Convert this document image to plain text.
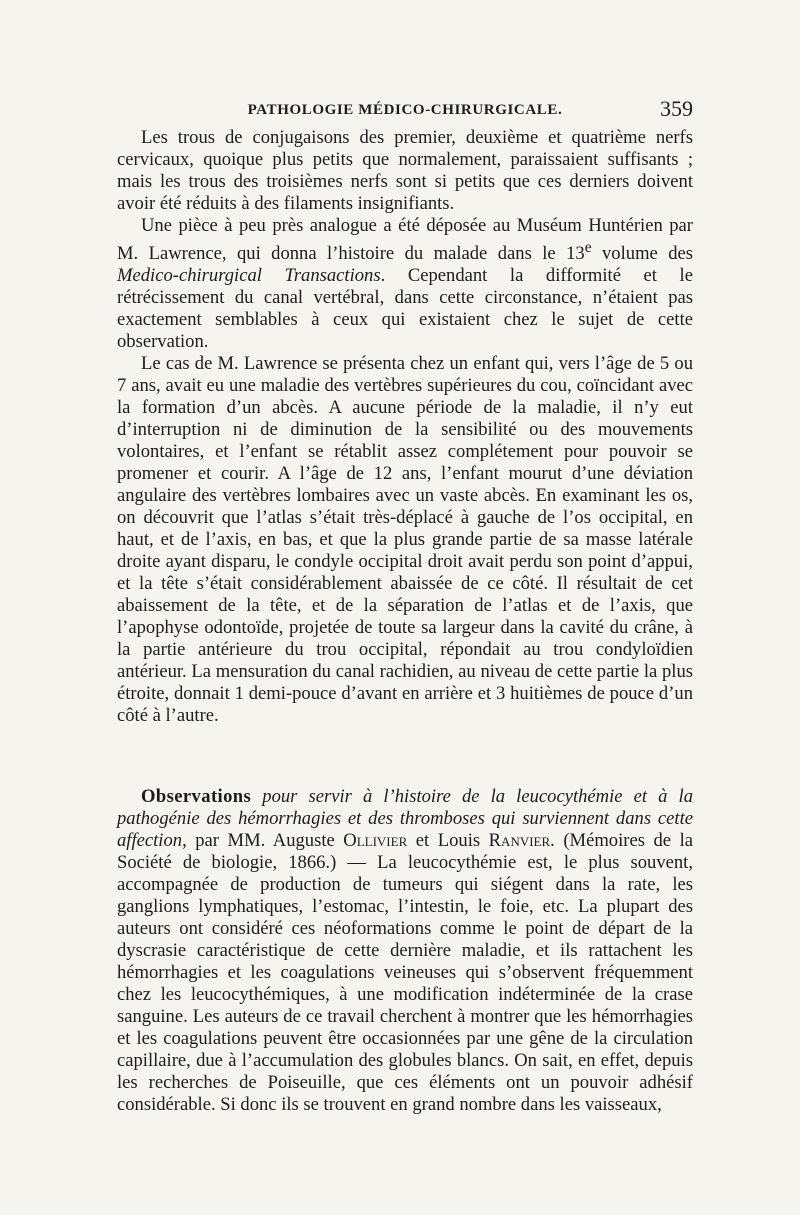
PATHOLOGIE MÉDICO-CHIRURGICALE.	359

Les trous de conjugaisons des premier, deuxième et quatrième nerfs cervicaux, quoique plus petits que normalement, paraissaient suffisants ; mais les trous des troisièmes nerfs sont si petits que ces derniers doivent avoir été réduits à des filaments insignifiants.

Une pièce à peu près analogue a été déposée au Muséum Huntérien par M. Lawrence, qui donna l’histoire du malade dans le 13e volume des Medico-chirurgical Transactions. Cependant la difformité et le rétrécissement du canal vertébral, dans cette circonstance, n’étaient pas exactement semblables à ceux qui existaient chez le sujet de cette observation.

Le cas de M. Lawrence se présenta chez un enfant qui, vers l’âge de 5 ou 7 ans, avait eu une maladie des vertèbres supérieures du cou, coïncidant avec la formation d’un abcès. A aucune période de la maladie, il n’y eut d’interruption ni de diminution de la sensibilité ou des mouvements volontaires, et l’enfant se rétablit assez complétement pour pouvoir se promener et courir. A l’âge de 12 ans, l’enfant mourut d’une déviation angulaire des vertèbres lombaires avec un vaste abcès. En examinant les os, on découvrit que l’atlas s’était très-déplacé à gauche de l’os occipital, en haut, et de l’axis, en bas, et que la plus grande partie de sa masse latérale droite ayant disparu, le condyle occipital droit avait perdu son point d’appui, et la tête s’était considérablement abaissée de ce côté. Il résultait de cet abaissement de la tête, et de la séparation de l’atlas et de l’axis, que l’apophyse odontoïde, projetée de toute sa largeur dans la cavité du crâne, à la partie antérieure du trou occipital, répondait au trou condyloïdien antérieur. La mensuration du canal rachidien, au niveau de cette partie la plus étroite, donnait 1 demi-pouce d’avant en arrière et 3 huitièmes de pouce d’un côté à l’autre.

Observations pour servir à l’histoire de la leucocythémie et à la pathogénie des hémorrhagies et des thromboses qui surviennent dans cette affection, par MM. Auguste Ollivier et Louis Ranvier. (Mémoires de la Société de biologie, 1866.) — La leucocythémie est, le plus souvent, accompagnée de production de tumeurs qui siégent dans la rate, les ganglions lymphatiques, l’estomac, l’intestin, le foie, etc. La plupart des auteurs ont considéré ces néoformations comme le point de départ de la dyscrasie caractéristique de cette dernière maladie, et ils rattachent les hémorrhagies et les coagulations veineuses qui s’observent fréquemment chez les leucocythémiques, à une modification indéterminée de la crase sanguine. Les auteurs de ce travail cherchent à montrer que les hémorrhagies et les coagulations peuvent être occasionnées par une gêne de la circulation capillaire, due à l’accumulation des globules blancs. On sait, en effet, depuis les recherches de Poiseuille, que ces éléments ont un pouvoir adhésif considérable. Si donc ils se trouvent en grand nombre dans les vaisseaux,
